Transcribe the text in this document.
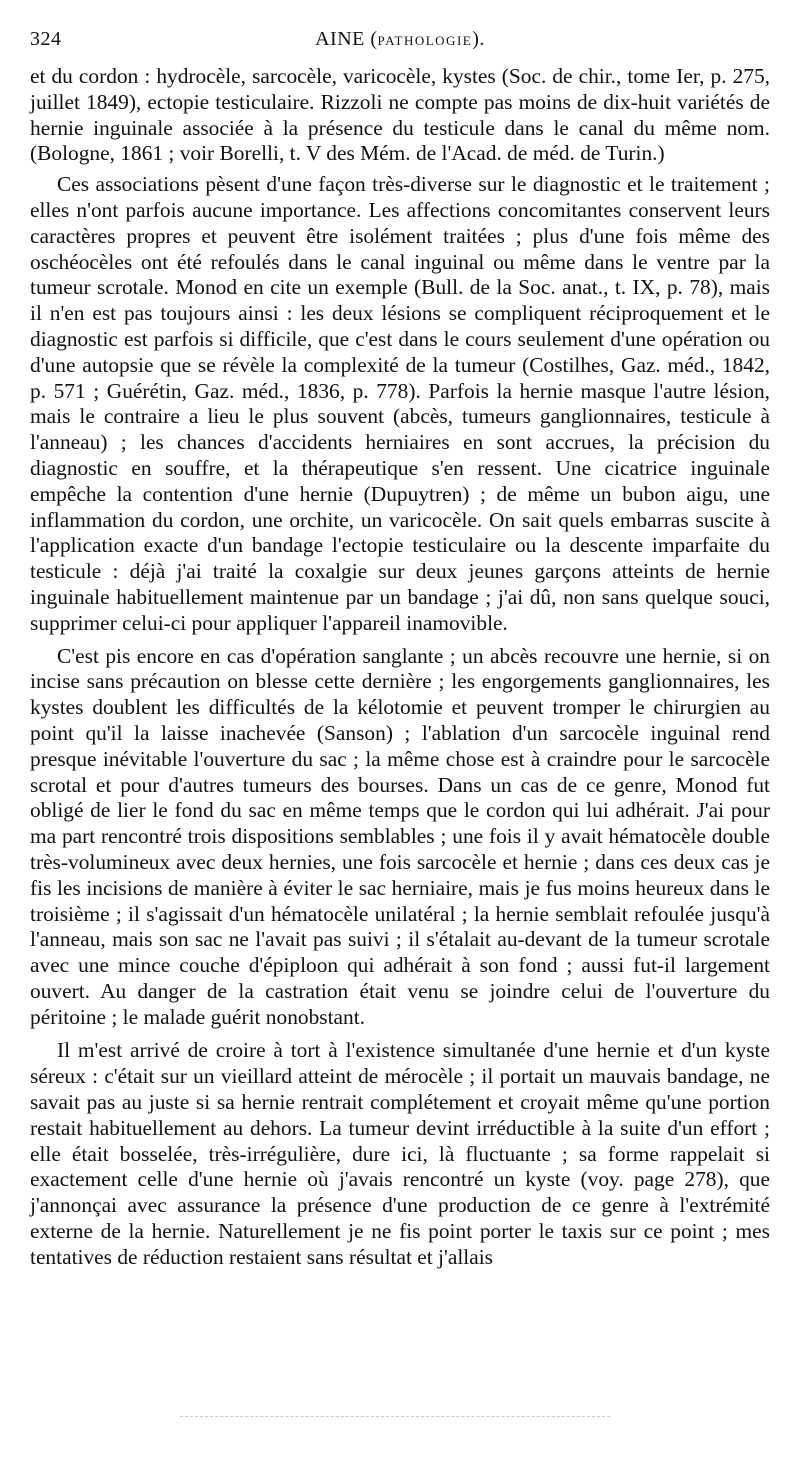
324	AINE (PATHOLOGIE).

et du cordon : hydrocèle, sarcocèle, varicocèle, kystes (Soc. de chir., tome Ier, p. 275, juillet 1849), ectopie testiculaire. Rizzoli ne compte pas moins de dix-huit variétés de hernie inguinale associée à la présence du testicule dans le canal du même nom. (Bologne, 1861 ; voir Borelli, t. V des Mém. de l'Acad. de méd. de Turin.)

Ces associations pèsent d'une façon très-diverse sur le diagnostic et le traitement ; elles n'ont parfois aucune importance. Les affections concomitantes conservent leurs caractères propres et peuvent être isolément traitées ; plus d'une fois même des oschéocèles ont été refoulés dans le canal inguinal ou même dans le ventre par la tumeur scrotale. Monod en cite un exemple (Bull. de la Soc. anat., t. IX, p. 78), mais il n'en est pas toujours ainsi : les deux lésions se compliquent réciproquement et le diagnostic est parfois si difficile, que c'est dans le cours seulement d'une opération ou d'une autopsie que se révèle la complexité de la tumeur (Costilhes, Gaz. méd., 1842, p. 571 ; Guérétin, Gaz. méd., 1836, p. 778). Parfois la hernie masque l'autre lésion, mais le contraire a lieu le plus souvent (abcès, tumeurs ganglionnaires, testicule à l'anneau) ; les chances d'accidents herniaires en sont accrues, la précision du diagnostic en souffre, et la thérapeutique s'en ressent. Une cicatrice inguinale empêche la contention d'une hernie (Dupuytren) ; de même un bubon aigu, une inflammation du cordon, une orchite, un varicocèle. On sait quels embarras suscite à l'application exacte d'un bandage l'ectopie testiculaire ou la descente imparfaite du testicule : déjà j'ai traité la coxalgie sur deux jeunes garçons atteints de hernie inguinale habituellement maintenue par un bandage ; j'ai dû, non sans quelque souci, supprimer celui-ci pour appliquer l'appareil inamovible.

C'est pis encore en cas d'opération sanglante ; un abcès recouvre une hernie, si on incise sans précaution on blesse cette dernière ; les engorgements ganglionnaires, les kystes doublent les difficultés de la kélotomie et peuvent tromper le chirurgien au point qu'il la laisse inachevée (Sanson) ; l'ablation d'un sarcocèle inguinal rend presque inévitable l'ouverture du sac ; la même chose est à craindre pour le sarcocèle scrotal et pour d'autres tumeurs des bourses. Dans un cas de ce genre, Monod fut obligé de lier le fond du sac en même temps que le cordon qui lui adhérait. J'ai pour ma part rencontré trois dispositions semblables ; une fois il y avait hématocèle double très-volumineux avec deux hernies, une fois sarcocèle et hernie ; dans ces deux cas je fis les incisions de manière à éviter le sac herniaire, mais je fus moins heureux dans le troisième ; il s'agissait d'un hématocèle unilatéral ; la hernie semblait refoulée jusqu'à l'anneau, mais son sac ne l'avait pas suivi ; il s'étalait au-devant de la tumeur scrotale avec une mince couche d'épiploon qui adhérait à son fond ; aussi fut-il largement ouvert. Au danger de la castration était venu se joindre celui de l'ouverture du péritoine ; le malade guérit nonobstant.

Il m'est arrivé de croire à tort à l'existence simultanée d'une hernie et d'un kyste séreux : c'était sur un vieillard atteint de mérocèle ; il portait un mauvais bandage, ne savait pas au juste si sa hernie rentrait complétement et croyait même qu'une portion restait habituellement au dehors. La tumeur devint irréductible à la suite d'un effort ; elle était bosselée, très-irrégulière, dure ici, là fluctuante ; sa forme rappelait si exactement celle d'une hernie où j'avais rencontré un kyste (voy. page 278), que j'annonçai avec assurance la présence d'une production de ce genre à l'extrémité externe de la hernie. Naturellement je ne fis point porter le taxis sur ce point ; mes tentatives de réduction restaient sans résultat et j'allais
